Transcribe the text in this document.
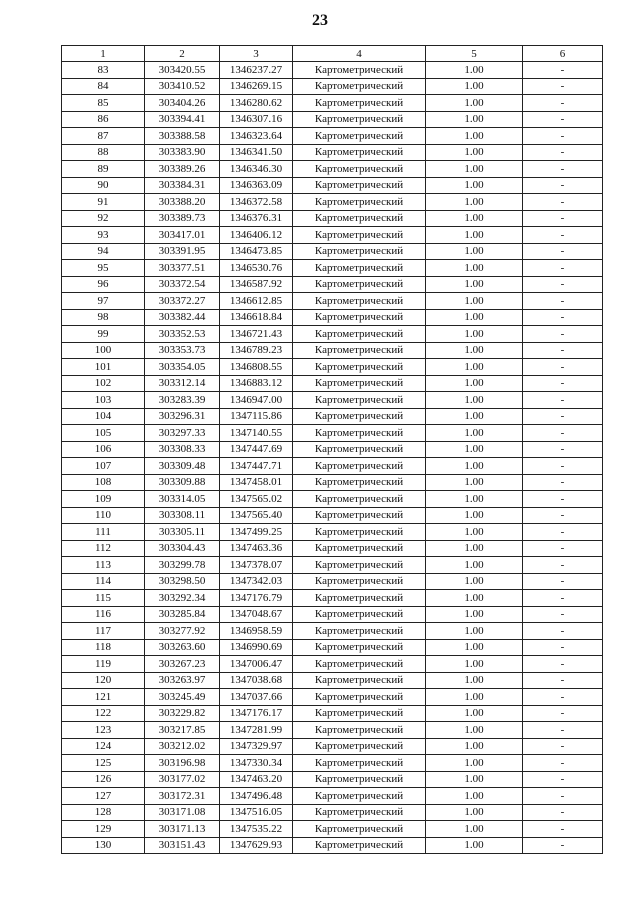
23
1	2	3	4	5	6
83	303420.55	1346237.27	Картометрический	1.00	-
84	303410.52	1346269.15	Картометрический	1.00	-
85	303404.26	1346280.62	Картометрический	1.00	-
86	303394.41	1346307.16	Картометрический	1.00	-
87	303388.58	1346323.64	Картометрический	1.00	-
88	303383.90	1346341.50	Картометрический	1.00	-
89	303389.26	1346346.30	Картометрический	1.00	-
90	303384.31	1346363.09	Картометрический	1.00	-
91	303388.20	1346372.58	Картометрический	1.00	-
92	303389.73	1346376.31	Картометрический	1.00	-
93	303417.01	1346406.12	Картометрический	1.00	-
94	303391.95	1346473.85	Картометрический	1.00	-
95	303377.51	1346530.76	Картометрический	1.00	-
96	303372.54	1346587.92	Картометрический	1.00	-
97	303372.27	1346612.85	Картометрический	1.00	-
98	303382.44	1346618.84	Картометрический	1.00	-
99	303352.53	1346721.43	Картометрический	1.00	-
100	303353.73	1346789.23	Картометрический	1.00	-
101	303354.05	1346808.55	Картометрический	1.00	-
102	303312.14	1346883.12	Картометрический	1.00	-
103	303283.39	1346947.00	Картометрический	1.00	-
104	303296.31	1347115.86	Картометрический	1.00	-
105	303297.33	1347140.55	Картометрический	1.00	-
106	303308.33	1347447.69	Картометрический	1.00	-
107	303309.48	1347447.71	Картометрический	1.00	-
108	303309.88	1347458.01	Картометрический	1.00	-
109	303314.05	1347565.02	Картометрический	1.00	-
110	303308.11	1347565.40	Картометрический	1.00	-
111	303305.11	1347499.25	Картометрический	1.00	-
112	303304.43	1347463.36	Картометрический	1.00	-
113	303299.78	1347378.07	Картометрический	1.00	-
114	303298.50	1347342.03	Картометрический	1.00	-
115	303292.34	1347176.79	Картометрический	1.00	-
116	303285.84	1347048.67	Картометрический	1.00	-
117	303277.92	1346958.59	Картометрический	1.00	-
118	303263.60	1346990.69	Картометрический	1.00	-
119	303267.23	1347006.47	Картометрический	1.00	-
120	303263.97	1347038.68	Картометрический	1.00	-
121	303245.49	1347037.66	Картометрический	1.00	-
122	303229.82	1347176.17	Картометрический	1.00	-
123	303217.85	1347281.99	Картометрический	1.00	-
124	303212.02	1347329.97	Картометрический	1.00	-
125	303196.98	1347330.34	Картометрический	1.00	-
126	303177.02	1347463.20	Картометрический	1.00	-
127	303172.31	1347496.48	Картометрический	1.00	-
128	303171.08	1347516.05	Картометрический	1.00	-
129	303171.13	1347535.22	Картометрический	1.00	-
130	303151.43	1347629.93	Картометрический	1.00	-
